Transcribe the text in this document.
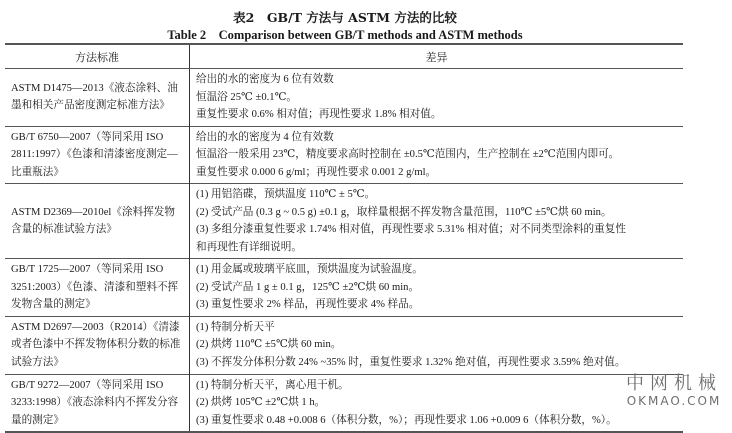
表2　GB/T 方法与 ASTM 方法的比较
Table 2　Comparison between GB/T methods and ASTM methods
方法标准	差异
ASTM D1475—2013《液态涂料、油墨和相关产品密度测定标准方法》	给出的水的密度为 6 位有效数
恒温浴 25℃ ±0.1℃。
重复性要求 0.6% 相对值；再现性要求 1.8% 相对值。

GB/T 6750—2007（等同采用 ISO 2811:1997）《色漆和清漆密度测定—比重瓶法》	给出的水的密度为 4 位有效数
恒温浴一般采用 23℃，精度要求高时控制在 ±0.5℃范围内，生产控制在 ±2℃范围内即可。
重复性要求 0.000 6 g/ml；再现性要求 0.001 2 g/ml。

ASTM D2369—2010el《涂料挥发物含量的标准试验方法》	(1) 用铝箔碟，预烘温度 110℃ ± 5℃。
(2) 受试产品 (0.3 g ~ 0.5 g) ±0.1 g，取样量根据不挥发物含量范围，110℃ ±5℃烘 60 min。
(3) 多组分漆重复性要求 1.74% 相对值，再现性要求 5.31% 相对值；对不同类型涂料的重复性
和再现性有详细说明。

GB/T 1725—2007（等同采用 ISO 3251:2003）《色漆、清漆和塑料不挥发物含量的测定》	(1) 用金属或玻璃平底皿，预烘温度为试验温度。
(2) 受试产品 1 g ± 0.1 g，125℃ ±2℃烘 60 min。
(3) 重复性要求 2% 样品，再现性要求 4% 样品。

ASTM D2697—2003（R2014）《清漆或者色漆中不挥发物体积分数的标准试验方法》	(1) 特制分析天平
(2) 烘烤 110℃ ±5℃烘 60 min。
(3) 不挥发分体积分数 24% ~35% 时，重复性要求 1.32% 绝对值，再现性要求 3.59% 绝对值。

GB/T 9272—2007（等同采用 ISO 3233:1998）《液态涂料内不挥发分容量的测定》	(1) 特制分析天平，离心甩干机。
(2) 烘烤 105℃ ±2℃烘 1 h。
(3) 重复性要求 0.48 +0.008 6（体积分数，%）；再现性要求 1.06 +0.009 6（体积分数，%）。
中网机械
OKMAO.COM
